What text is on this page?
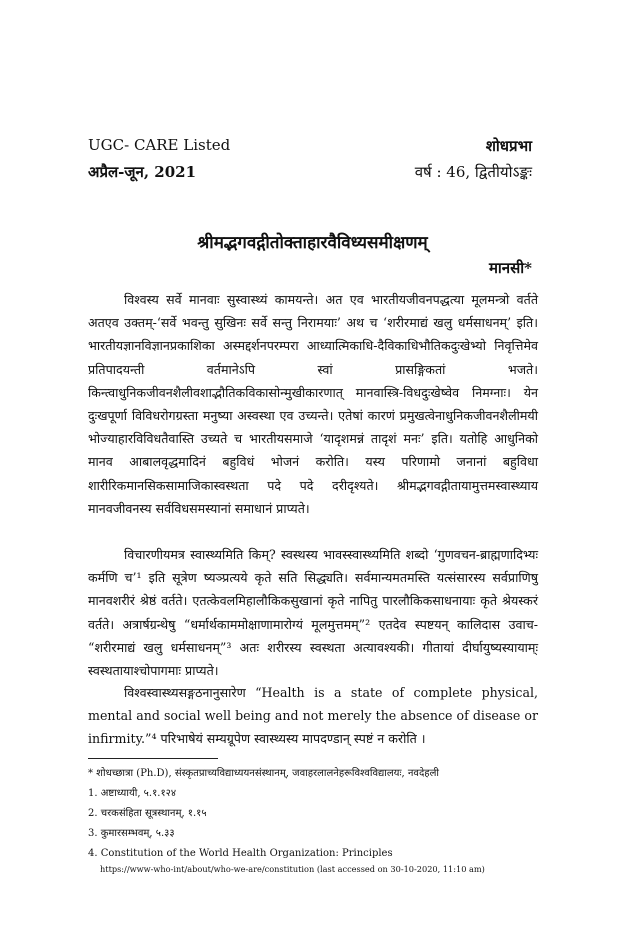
UGC- CARE Listed
अप्रैल-जून, 2021
शोधप्रभा
वर्ष : 46, द्वितीयोऽङ्कः
श्रीमद्भगवद्गीतोक्ताहारवैविध्यसमीक्षणम्
मानसी*

विश्वस्य सर्वे मानवाः सुस्वास्थ्यं कामयन्ते। अत एव भारतीयजीवनपद्धत्या मूलमन्त्रो वर्तते अतएव उक्तम्-‘सर्वे भवन्तु सुखिनः सर्वे सन्तु निरामयाः’ अथ च ‘शरीरमाद्यं खलु धर्मसाधनम्’ इति। भारतीयज्ञानविज्ञानप्रकाशिका अस्मद्दर्शनपरम्परा आध्यात्मिकाधि-दैविकाधिभौतिकदुःखेभ्यो निवृत्तिमेव प्रतिपादयन्ती वर्तमानेऽपि स्वां प्रासङ्गिकतां भजते। किन्त्वाधुनिकजीवनशैलीवशाद्भौतिकविकासोन्मुखीकारणात् मानवास्त्रि-विधदुःखेष्वेव निमग्नाः। येन दुःखपूर्णा विविधरोगग्रस्ता मनुष्या अस्वस्था एव उच्यन्ते। एतेषां कारणं प्रमुखत्वेनाधुनिकजीवनशैलीमयी भोज्याहारविविधतैवास्ति उच्यते च भारतीयसमाजे ‘यादृशमन्नं तादृशं मनः’ इति। यतोहि आधुनिको मानव आबालवृद्धमादिनं बहुविधं भोजनं करोति। यस्य परिणामो जनानां बहुविधा शारीरिकमानसिकसामाजिकास्वस्थता पदे पदे दरीदृश्यते। श्रीमद्भगवद्गीतायामुत्तमस्वास्थ्याय मानवजीवनस्य सर्वविधसमस्यानां समाधानं प्राप्यते।

विचारणीयमत्र स्वास्थ्यमिति किम्? स्वस्थस्य भावस्स्वास्थ्यमिति शब्दो ‘गुणवचन-ब्राह्मणादिभ्यः कर्मणि च’¹ इति सूत्रेण ष्यञ्प्रत्यये कृते सति सिद्ध्यति। सर्वमान्यमतमस्ति यत्संसारस्य सर्वप्राणिषु मानवशरीरं श्रेष्ठं वर्तते। एतत्केवलमिहालौकिकसुखानां कृते नापितु पारलौकिकसाधनायाः कृते श्रेयस्करं वर्तते। अत्रार्षग्रन्थेषु “धर्मार्थकाममोक्षाणामारोग्यं मूलमुत्तमम्”² एतदेव स्पष्टयन् कालिदास उवाच- “शरीरमाद्यं खलु धर्मसाधनम्”³ अतः शरीरस्य स्वस्थता अत्यावश्यकी। गीतायां दीर्घायुष्यस्यायाम्ः स्वस्थतायाश्चोपागमाः प्राप्यते।

विश्वस्वास्थ्यसङ्गठनानुसारेण “Health is a state of complete physical, mental and social well being and not merely the absence of disease or infirmity.”⁴ परिभाषेयं सम्यग्रूपेण स्वास्थ्यस्य मापदण्डान् स्पष्टं न करोति ।

* शोधच्छात्रा (Ph.D), संस्कृतप्राच्यविद्याध्ययनसंस्थानम्, जवाहरलालनेहरूविश्वविद्यालयः, नवदेहली
1. अष्टाध्यायी, ५.१.१२४
2. चरकसंहिता सूत्रस्थानम्, १.१५
3. कुमारसम्भवम्, ५.३३
4. Constitution of the World Health Organization: Principles
https://www-who-int/about/who-we-are/constitution (last accessed on 30-10-2020, 11:10 am)
